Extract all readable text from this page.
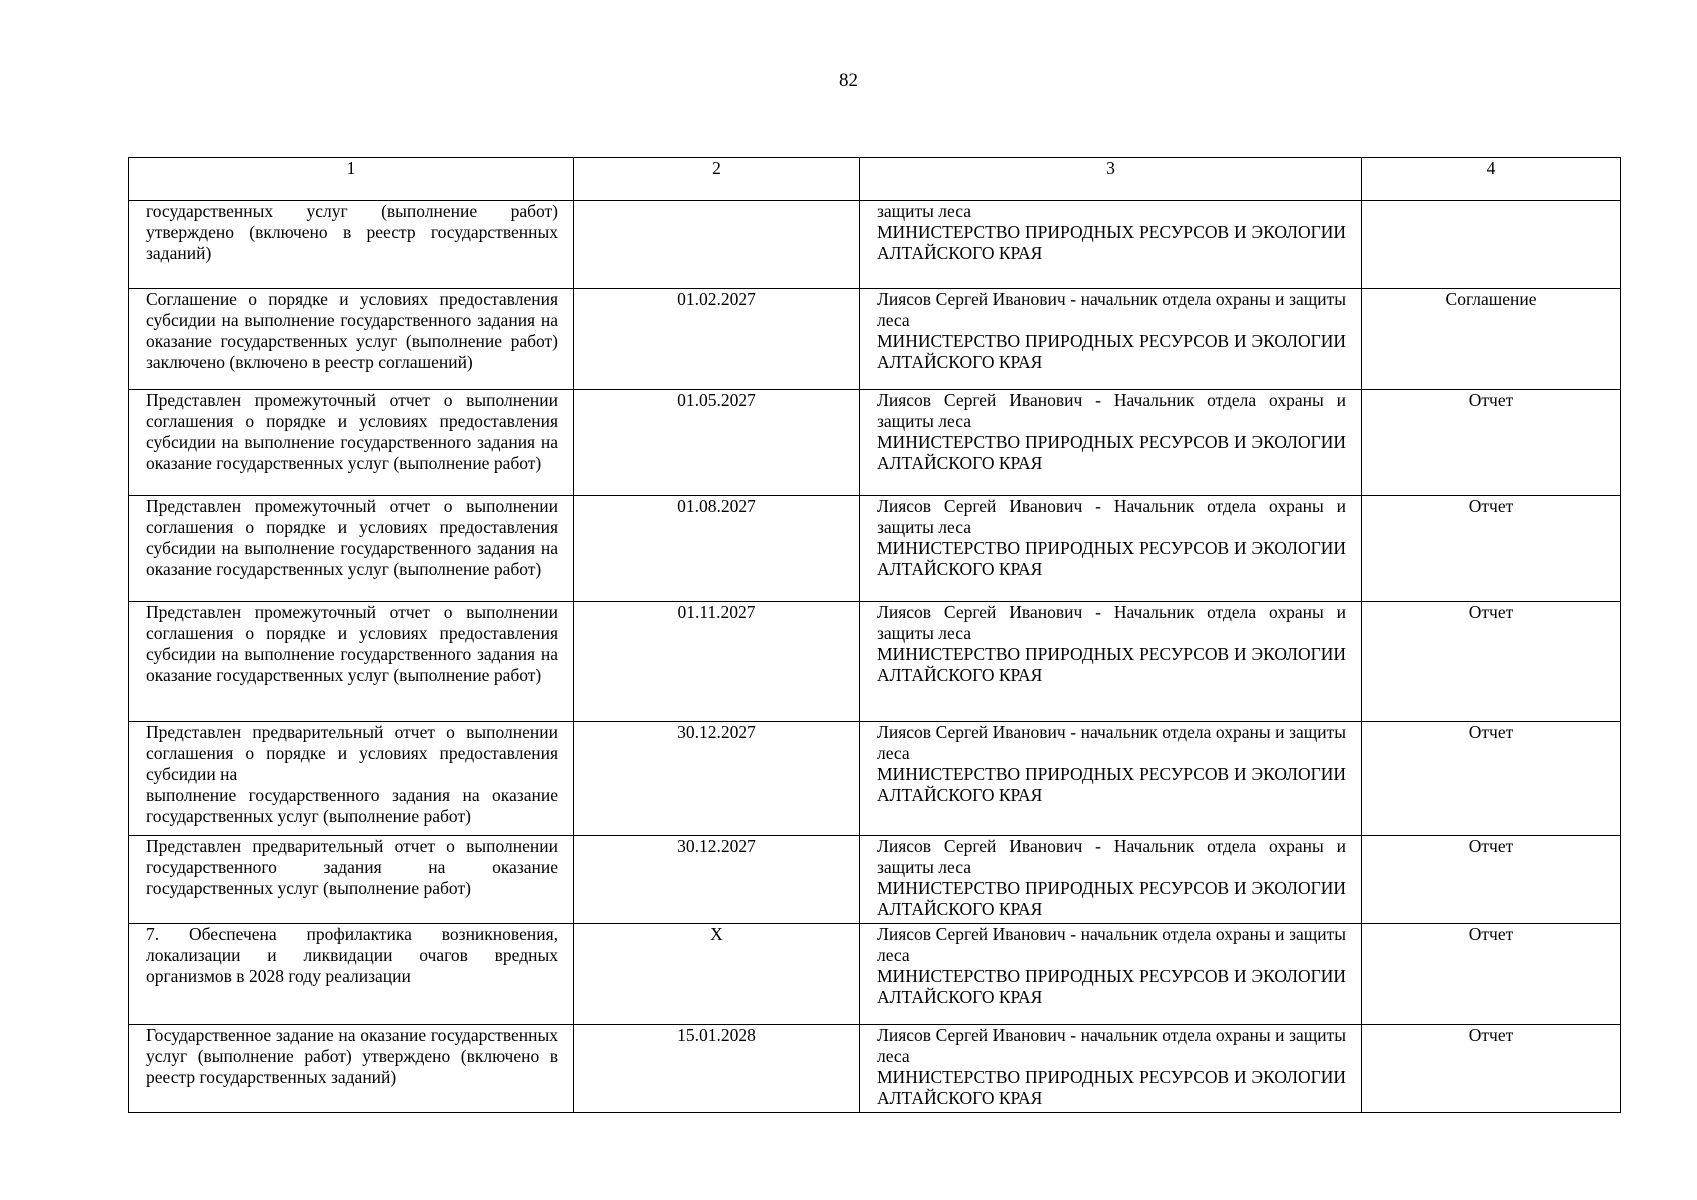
82
1	2	3	4

государственных услуг (выполнение работ) утверждено (включено в реестр государственных заданий)		защиты леса
МИНИСТЕРСТВО ПРИРОДНЫХ РЕСУРСОВ И ЭКОЛОГИИ АЛТАЙСКОГО КРАЯ	

Соглашение о порядке и условиях предоставления субсидии на выполнение государственного задания на оказание государственных услуг (выполнение работ) заключено (включено в реестр соглашений)	01.02.2027	Лиясов Сергей Иванович - начальник отдела охраны и защиты леса
МИНИСТЕРСТВО ПРИРОДНЫХ РЕСУРСОВ И ЭКОЛОГИИ АЛТАЙСКОГО КРАЯ	Соглашение

Представлен промежуточный отчет о выполнении соглашения о порядке и условиях предоставления субсидии на выполнение государственного задания на оказание государственных услуг (выполнение работ)	01.05.2027	Лиясов Сергей Иванович - Начальник отдела охраны и защиты леса
МИНИСТЕРСТВО ПРИРОДНЫХ РЕСУРСОВ И ЭКОЛОГИИ АЛТАЙСКОГО КРАЯ	Отчет

Представлен промежуточный отчет о выполнении соглашения о порядке и условиях предоставления субсидии на выполнение государственного задания на оказание государственных услуг (выполнение работ)	01.08.2027	Лиясов Сергей Иванович - Начальник отдела охраны и защиты леса
МИНИСТЕРСТВО ПРИРОДНЫХ РЕСУРСОВ И ЭКОЛОГИИ АЛТАЙСКОГО КРАЯ	Отчет

Представлен промежуточный отчет о выполнении соглашения о порядке и условиях предоставления субсидии на выполнение государственного задания на оказание государственных услуг (выполнение работ)	01.11.2027	Лиясов Сергей Иванович - Начальник отдела охраны и защиты леса
МИНИСТЕРСТВО ПРИРОДНЫХ РЕСУРСОВ И ЭКОЛОГИИ АЛТАЙСКОГО КРАЯ	Отчет

Представлен предварительный отчет о выполнении соглашения о порядке и условиях предоставления субсидии на
выполнение государственного задания на оказание государственных услуг (выполнение работ)	30.12.2027	Лиясов Сергей Иванович - начальник отдела охраны и защиты леса
МИНИСТЕРСТВО ПРИРОДНЫХ РЕСУРСОВ И ЭКОЛОГИИ АЛТАЙСКОГО КРАЯ	Отчет

Представлен предварительный отчет о выполнении государственного задания на оказание государственных услуг (выполнение работ)	30.12.2027	Лиясов Сергей Иванович - Начальник отдела охраны и защиты леса
МИНИСТЕРСТВО ПРИРОДНЫХ РЕСУРСОВ И ЭКОЛОГИИ АЛТАЙСКОГО КРАЯ	Отчет

7. Обеспечена профилактика возникновения, локализации и ликвидации очагов вредных организмов в 2028 году реализации	X	Лиясов Сергей Иванович - начальник отдела охраны и защиты леса
МИНИСТЕРСТВО ПРИРОДНЫХ РЕСУРСОВ И ЭКОЛОГИИ АЛТАЙСКОГО КРАЯ	Отчет

Государственное задание на оказание государственных услуг (выполнение работ) утверждено (включено в реестр государственных заданий)	15.01.2028	Лиясов Сергей Иванович - начальник отдела охраны и защиты леса
МИНИСТЕРСТВО ПРИРОДНЫХ РЕСУРСОВ И ЭКОЛОГИИ АЛТАЙСКОГО КРАЯ	Отчет
